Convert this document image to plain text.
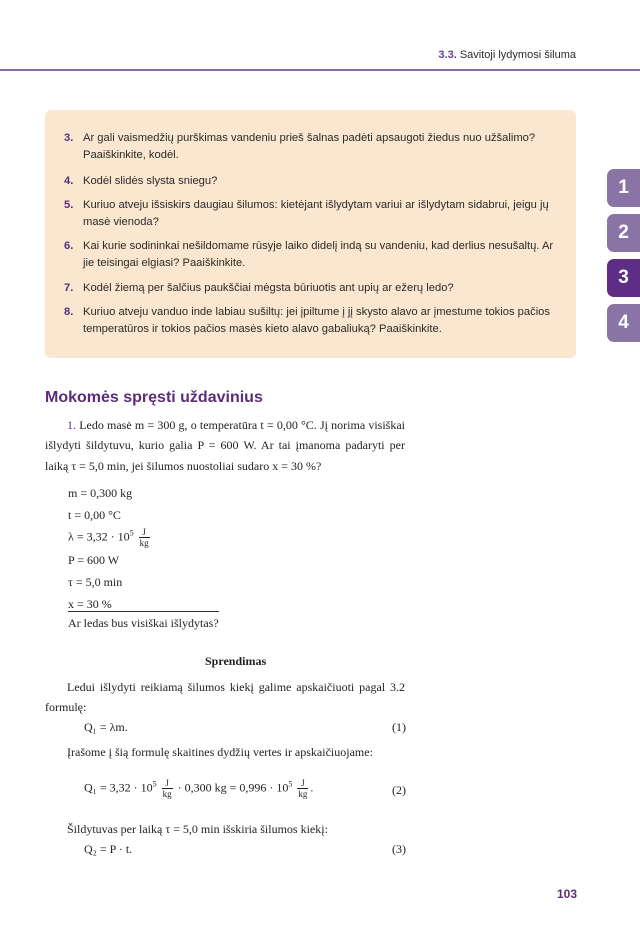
3.3. Savitoji lydymosi šiluma
3. Ar gali vaismedžių purškimas vandeniu prieš šalnas padėti apsaugoti žiedus nuo užšalimo? Paaiškinkite, kodėl.
4. Kodėl slidės slysta sniegu?
5. Kuriuo atveju išsiskirs daugiau šilumos: kietėjant išlydytam variui ar išlydytam sidabrui, jeigu jų masė vienoda?
6. Kai kurie sodininkai nešildomame rūsyje laiko didelį indą su vandeniu, kad derlius nesušaltų. Ar jie teisingai elgiasi? Paaiškinkite.
7. Kodėl žiemą per šalčius paukščiai mėgsta būriuotis ant upių ar ežerų ledo?
8. Kuriuo atveju vanduo inde labiau sušiltų: jei įpiltume į jį skysto alavo ar įmestume tokios pačios temperatūros ir tokios pačios masės kieto alavo gabaliuką? Paaiškinkite.
1
2
3
4
Mokomės spręsti uždavinius
1. Ledo masė m = 300 g, o temperatūra t = 0,00 °C. Jį norima visiškai išlydyti šildytuvu, kurio galia P = 600 W. Ar tai įmanoma padaryti per laiką τ = 5,0 min, jei šilumos nuostoliai sudaro x = 30 %?
m = 0,300 kg
t = 0,00 °C
$\lambda = 3,32 \cdot 10^5 \frac{J}{kg}$
P = 600 W
τ = 5,0 min
x = 30 %
Ar ledas bus visiškai išlydytas?
Sprendimas
Ledui išlydyti reikiamą šilumos kiekį galime apskaičiuoti pagal 3.2 formulę:
Q₁ = λm.	(1)
Įrašome į šią formulę skaitines dydžių vertes ir apskaičiuojame:
$Q_1 = 3,32 \cdot 10^5 \frac{J}{kg} \cdot 0,300$ kg = $0,996 \cdot 10^5 \frac{J}{kg}$ .	(2)
Šildytuvas per laiką τ = 5,0 min išskiria šilumos kiekį:
Q₂ = P · t.	(3)
103
